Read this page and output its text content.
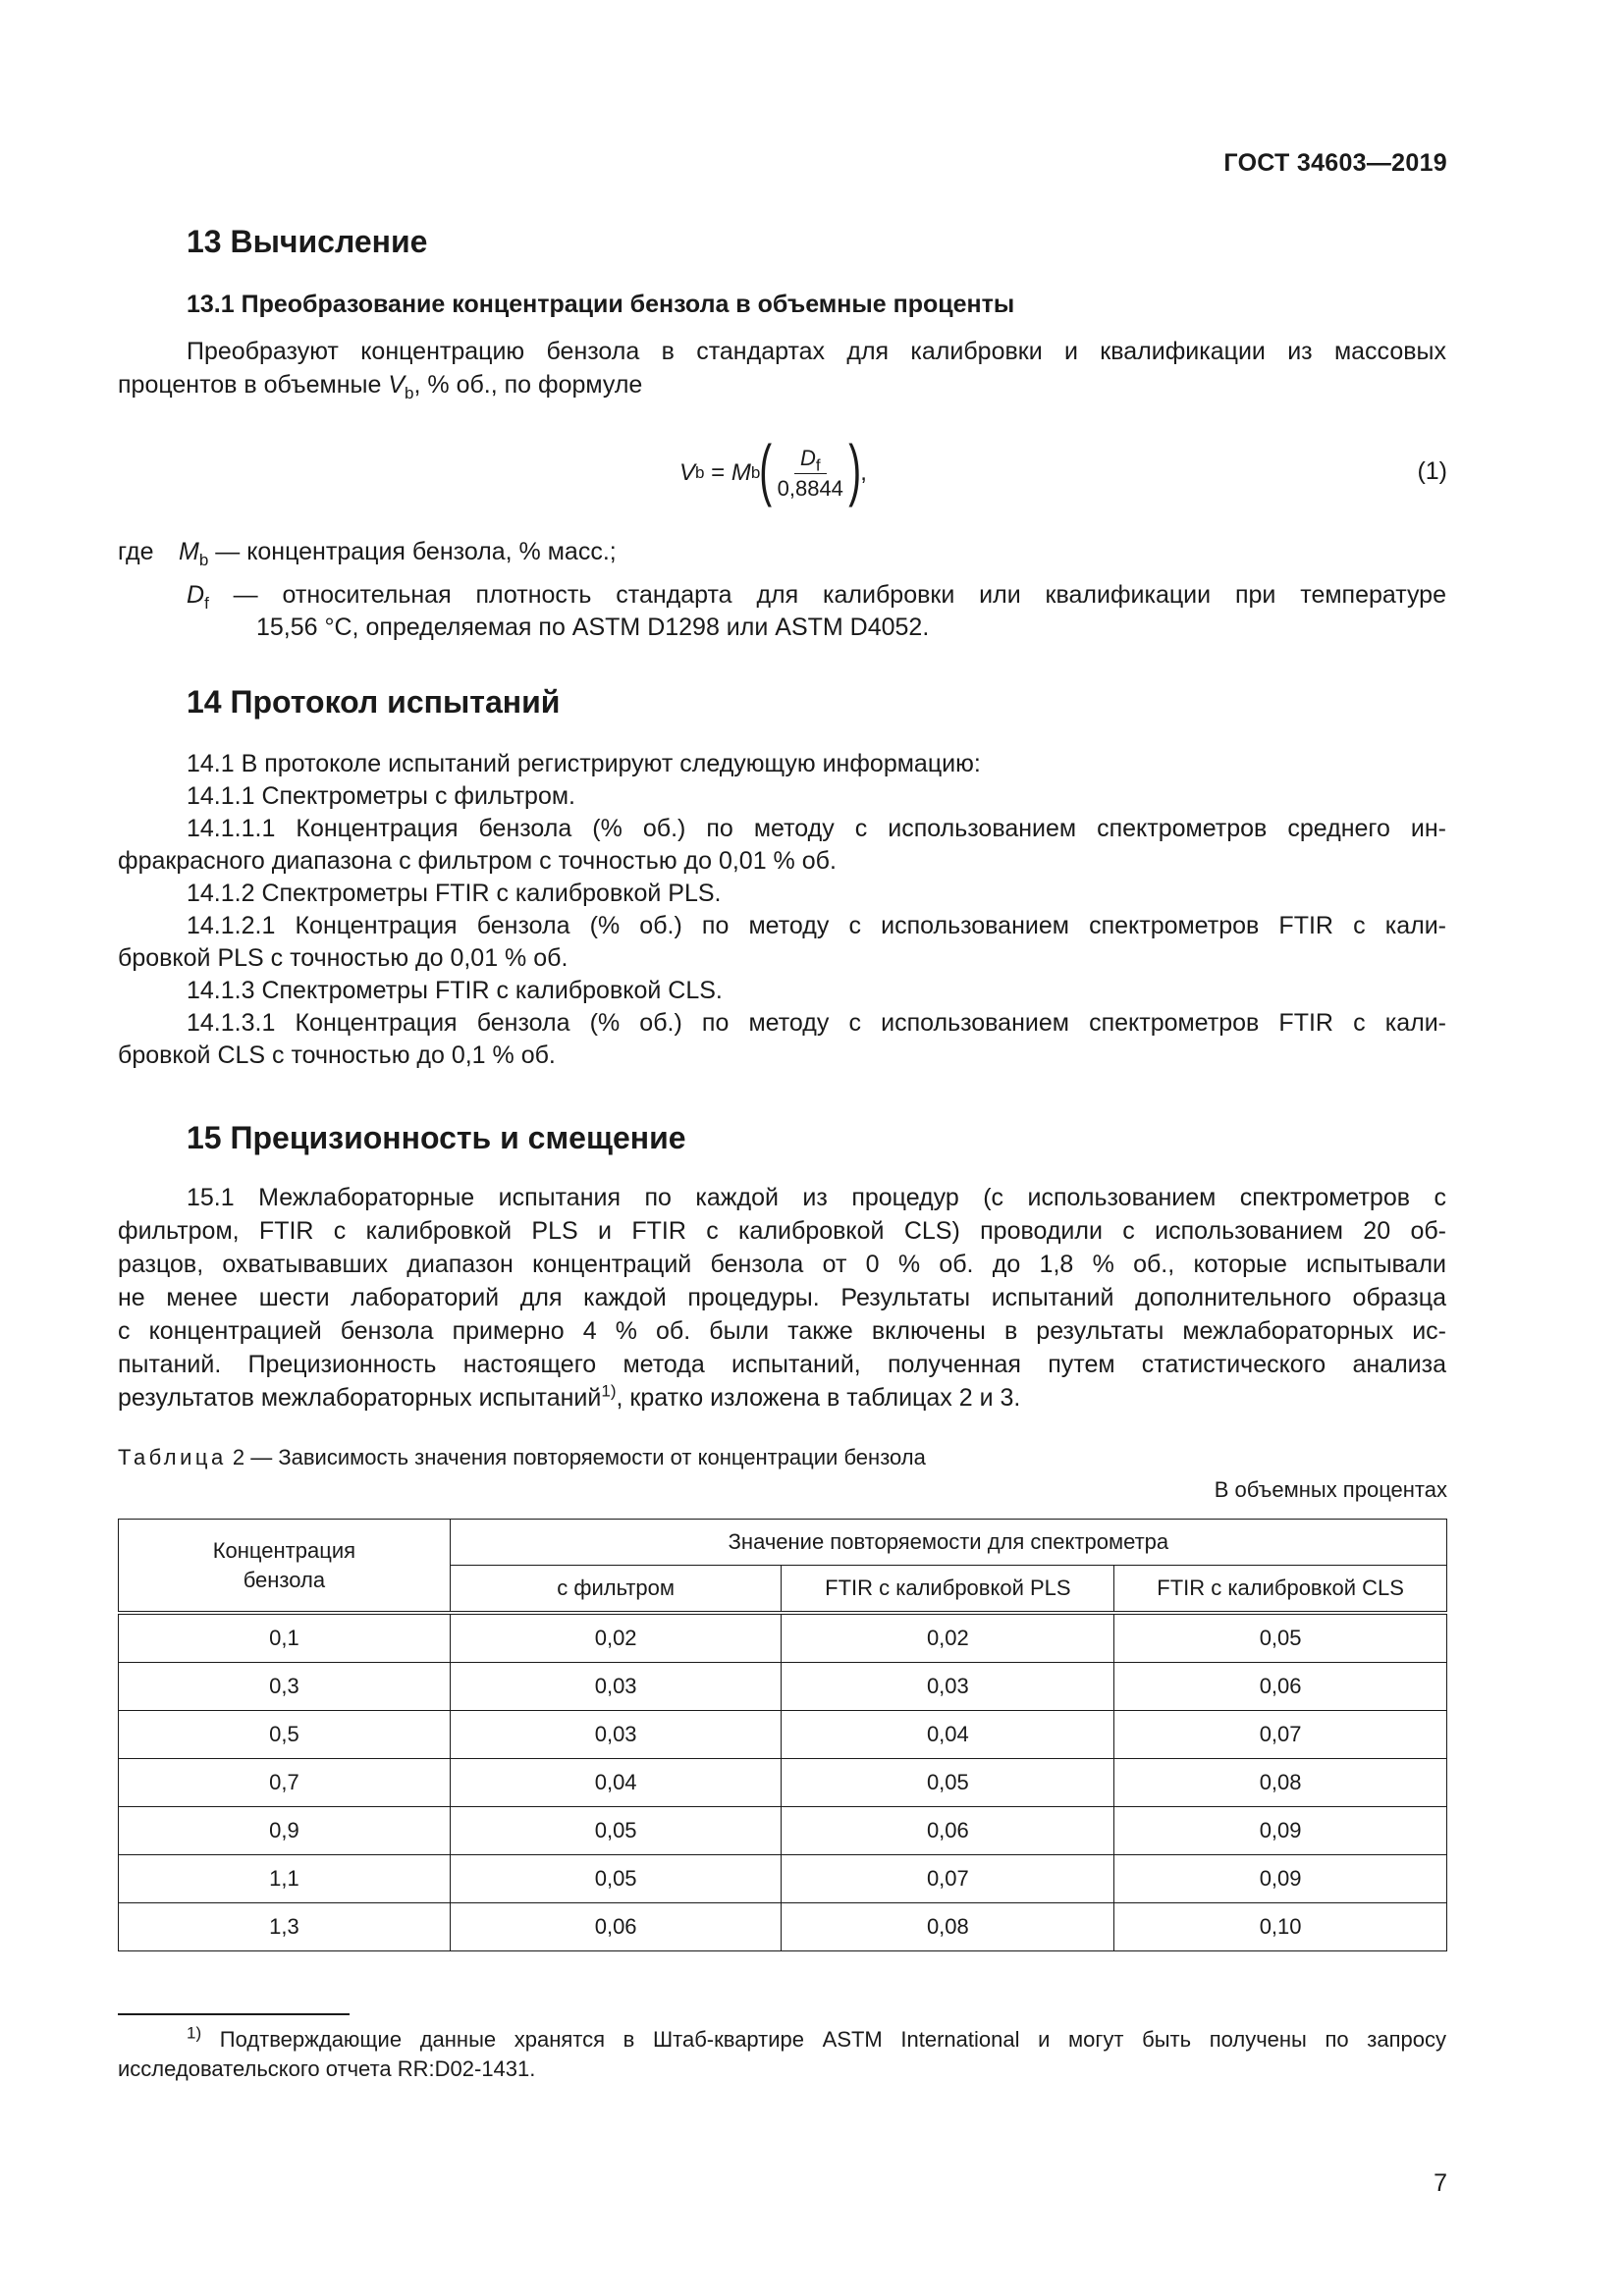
ГОСТ 34603—2019
13 Вычисление
13.1 Преобразование концентрации бензола в объемные проценты
Преобразуют концентрацию бензола в стандартах для калибровки и квалификации из массовых
процентов в объемные $V_b$, % об., по формуле
V b = M b ( $\frac{D_f}{0,8844}$ ) ,	(1)
где $M_b$ — концентрация бензола, % масс.;
$D_f$ — относительная плотность стандарта для калибровки или квалификации при температуре
15,56 °С, определяемая по ASTM D1298 или ASTM D4052.
14 Протокол испытаний
14.1 В протоколе испытаний регистрируют следующую информацию:
14.1.1 Спектрометры с фильтром.
14.1.1.1 Концентрация бензола (% об.) по методу с использованием спектрометров среднего ин-
фракрасного диапазона с фильтром с точностью до 0,01 % об.
14.1.2 Спектрометры FTIR с калибровкой PLS.
14.1.2.1 Концентрация бензола (% об.) по методу с использованием спектрометров FTIR с кали-
бровкой PLS с точностью до 0,01 % об.
14.1.3 Спектрометры FTIR с калибровкой CLS.
14.1.3.1 Концентрация бензола (% об.) по методу с использованием спектрометров FTIR с кали-
бровкой CLS с точностью до 0,1 % об.
15 Прецизионность и смещение
15.1 Межлабораторные испытания по каждой из процедур (с использованием спектрометров с
фильтром, FTIR с калибровкой PLS и FTIR с калибровкой CLS) проводили с использованием 20 об-
разцов, охватывавших диапазон концентраций бензола от 0 % об. до 1,8 % об., которые испытывали
не менее шести лабораторий для каждой процедуры. Результаты испытаний дополнительного образца
с концентрацией бензола примерно 4 % об. были также включены в результаты межлабораторных ис-
пытаний. Прецизионность настоящего метода испытаний, полученная путем статистического анализа
результатов межлабораторных испытаний$^{1)}$, кратко изложена в таблицах 2 и 3.
Таблица 2 — Зависимость значения повторяемости от концентрации бензола
В объемных процентах
Концентрация бензола	Значение повторяемости для спектрометра		
	с фильтром	FTIR с калибровкой PLS	FTIR с калибровкой CLS
0,1	0,02	0,02	0,05
0,3	0,03	0,03	0,06
0,5	0,03	0,04	0,07
0,7	0,04	0,05	0,08
0,9	0,05	0,06	0,09
1,1	0,05	0,07	0,09
1,3	0,06	0,08	0,10
$^{1)}$ Подтверждающие данные хранятся в Штаб-квартире ASTM International и могут быть получены по запросу
исследовательского отчета RR:D02-1431.
7
